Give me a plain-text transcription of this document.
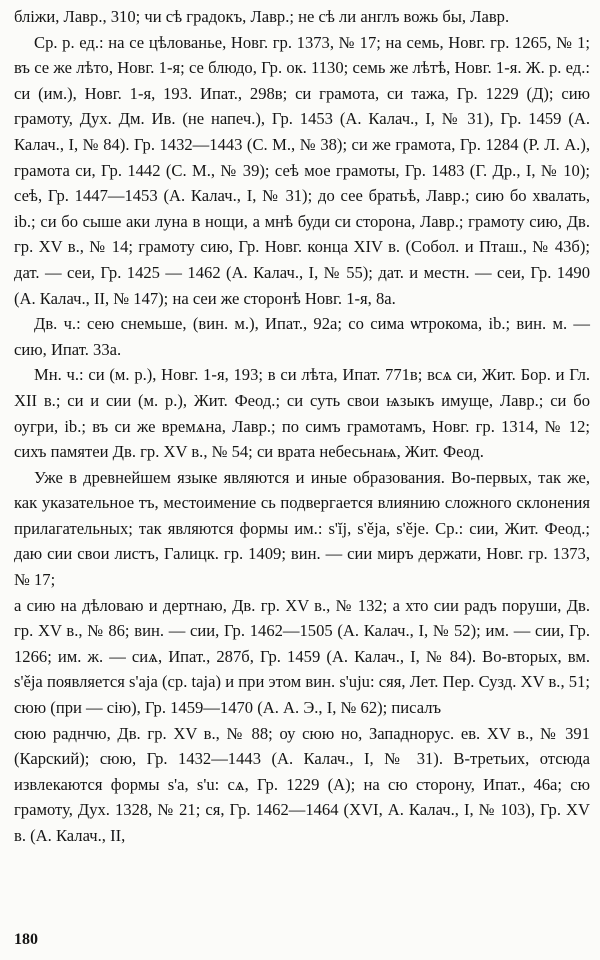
бліжи, Лавр., 310; чи сѣ градокъ, Лавр.; не сѣ ли англъ вожь бы, Лавр.

Ср. р. ед.: на се цѣлованье, Новг. гр. 1373, № 17; на семь, Новг. гр. 1265, № 1; въ се же лѣто, Новг. 1-я; се блюдо, Гр. ок. 1130; семь же лѣтѣ, Новг. 1-я. Ж. р. ед.: си (им.), Новг. 1-я, 193. Ипат., 298в; си грамота, си тажа, Гр. 1229 (Д); сию грамоту, Дух. Дм. Ив. (не напеч.), Гр. 1453 (А. Калач., I, № 31), Гр. 1459 (А. Калач., I, № 84). Гр. 1432—1443 (С. М., № 38); си же грамота, Гр. 1284 (Р. Л. А.), грамота си, Гр. 1442 (С. М., № 39); сеѣ мое грамоты, Гр. 1483 (Г. Др., I, № 10); сеѣ, Гр. 1447—1453 (А. Калач., I, № 31); до сее братьѣ, Лавр.; сию бо хвалать, ib.; си бо сыше аки луна в нощи, а мнѣ буди си сторона, Лавр.; грамоту сию, Дв. гр. XV в., № 14; грамоту сию, Гр. Новг. конца XIV в. (Собол. и Пташ., № 43б); дат. — сеи, Гр. 1425 — 1462 (А. Калач., I, № 55); дат. и местн. — сеи, Гр. 1490 (А. Калач., II, № 147); на сеи же сторонѣ Новг. 1-я, 8а.

Дв. ч.: сею снемьше, (вин. м.), Ипат., 92а; со сима ѡтрокома, ib.; вин. м. — сию, Ипат. 33а.

Мн. ч.: си (м. р.), Новг. 1-я, 193; в си лѣта, Ипат. 771в; всѧ си, Жит. Бор. и Гл. XII в.; си и сии (м. р.), Жит. Феод.; си суть свои ѩзыкъ имуще, Лавр.; си бо оугри, ib.; въ си же времѧна, Лавр.; по симъ грамотамъ, Новг. гр. 1314, № 12; сихъ памятеи Дв. гр. XV в., № 54; си врата небесьнаѩ, Жит. Феод.

Уже в древнейшем языке являются и иные образования. Во-первых, так же, как указательное тъ, местоимение сь подвергается влиянию сложного склонения прилагательных; так являются формы им.: s'ĭj, s'ěja, s'ěje. Ср.: сии, Жит. Феод.; даю сии свои листъ, Галицк. гр. 1409; вин. — сии миръ держати, Новг. гр. 1373, № 17;

а сию на дѣловаю и дертнаю, Дв. гр. XV в., № 132; а хто сии радъ поруши, Дв. гр. XV в., № 86; вин. — сии, Гр. 1462—1505 (А. Калач., I, № 52); им. — сии, Гр. 1266; им. ж. — сиѧ, Ипат., 287б, Гр. 1459 (А. Калач., I, № 84). Во-вторых, вм. s'ěja появляется s'aja (ср. taja) и при этом вин. s'uju: сяя, Лет. Пер. Сузд. XV в., 51; сюю (при — сію), Гр. 1459—1470 (А. А. Э., I, № 62); писалъ

сюю раднчю, Дв. гр. XV в., № 88; оу сюю но, Западнорус. ев. XV в., № 391 (Карский); сюю, Гр. 1432—1443 (А. Калач., I, № 31). В-третьих, отсюда извлекаются формы s'a, s'u: сѧ, Гр. 1229 (А); на сю сторону, Ипат., 46а; сю грамоту, Дух. 1328, № 21; ся, Гр. 1462—1464 (XVI, А. Калач., I, № 103), Гр. XV в. (А. Калач., II,

180
